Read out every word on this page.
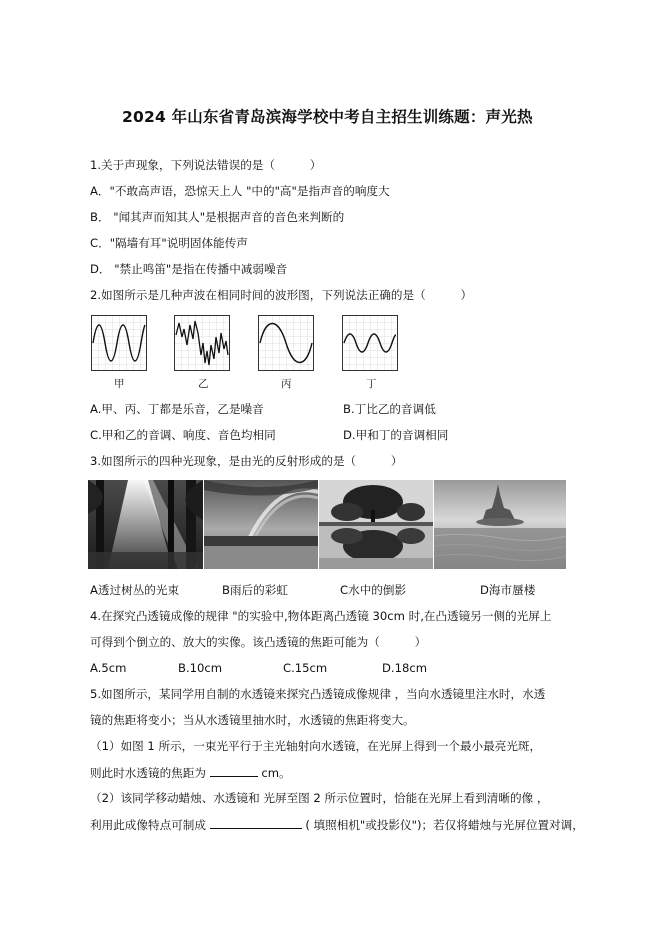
2024 年山东省青岛滨海学校中考自主招生训练题：声光热
1.关于声现象，下列说法错误的是（　　　）
A．"不敢高声语，恐惊天上人 "中的"高"是指声音的响度大
B． "闻其声而知其人"是根据声音的音色来判断的
C．"隔墙有耳"说明固体能传声
D． "禁止鸣笛"是指在传播中减弱噪音
2.如图所示是几种声波在相同时间的波形图，下列说法正确的是（　　　）
甲	乙	丙	丁
A.甲、丙、丁都是乐音，乙是噪音	B.丁比乙的音调低
C.甲和乙的音调、响度、音色均相同	D.甲和丁的音调相同
3.如图所示的四种光现象，是由光的反射形成的是（　　　）
A透过树丛的光束	B雨后的彩虹	C水中的倒影	D海市蜃楼
4.在探究凸透镜成像的规律 "的实验中,物体距离凸透镜 30cm 时,在凸透镜另一侧的光屏上
可得到个倒立的、放大的实像。该凸透镜的焦距可能为（　　　）
A.5cm	B.10cm	C.15cm	D.18cm
5.如图所示，某同学用自制的水透镜来探究凸透镜成像规律 ，当向水透镜里注水时，水透
镜的焦距将变小；当从水透镜里抽水时，水透镜的焦距将变大。
（1）如图 1 所示，一束光平行于主光轴射向水透镜，在光屏上得到一个最小最亮光斑，
则此时水透镜的焦距为	cm。
（2）该同学移动蜡烛、水透镜和 光屏至图 2 所示位置时，恰能在光屏上看到清晰的像 ，
利用此成像特点可制成	( 填照相机"或投影仪")；若仅将蜡烛与光屏位置对调，
